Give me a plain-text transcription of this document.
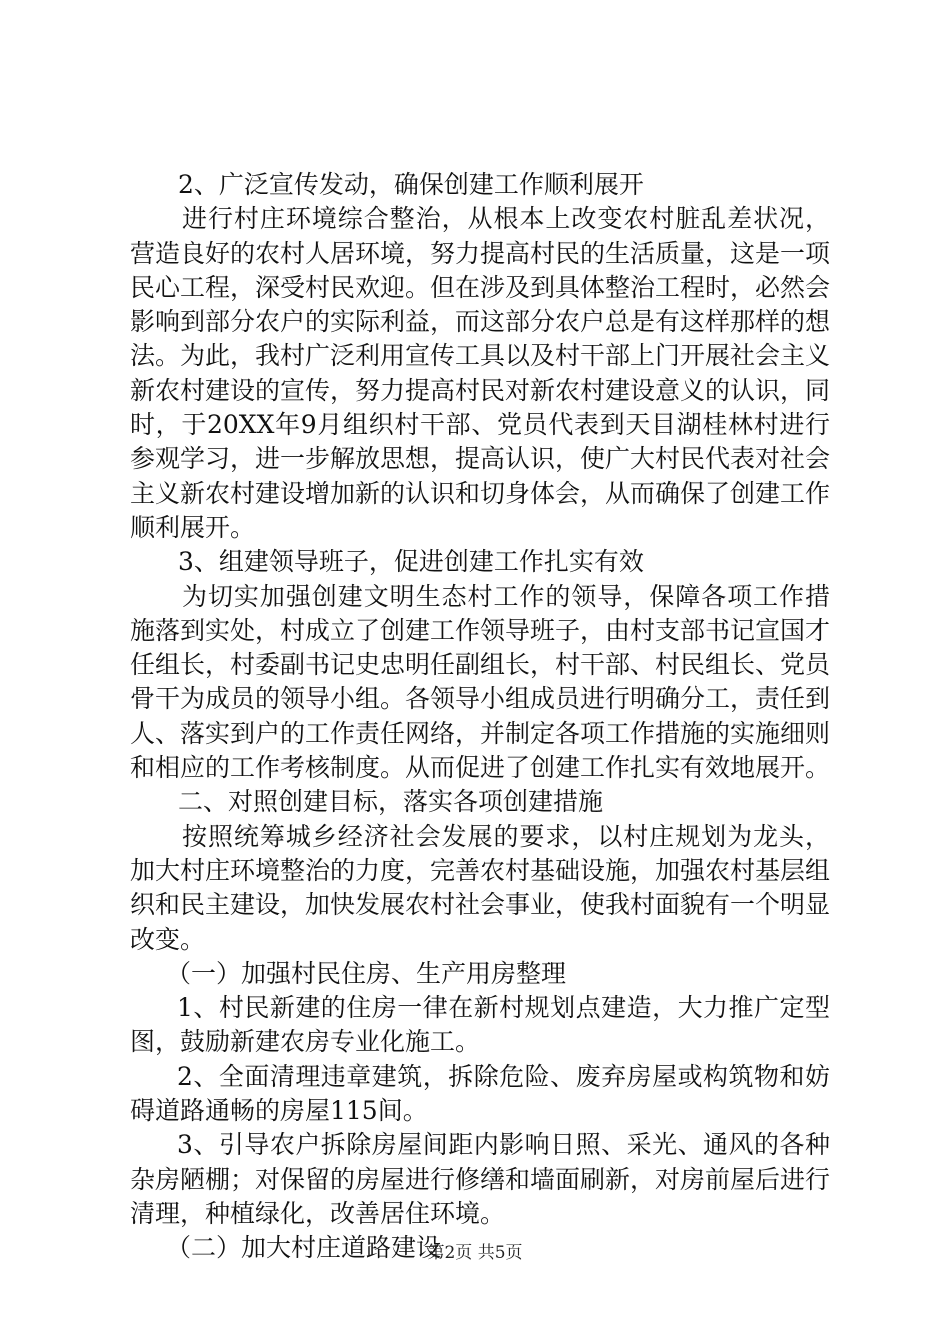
2、广泛宣传发动，确保创建工作顺利展开

进行村庄环境综合整治，从根本上改变农村脏乱差状况，营造良好的农村人居环境，努力提高村民的生活质量，这是一项民心工程，深受村民欢迎。但在涉及到具体整治工程时，必然会影响到部分农户的实际利益，而这部分农户总是有这样那样的想法。为此，我村广泛利用宣传工具以及村干部上门开展社会主义新农村建设的宣传，努力提高村民对新农村建设意义的认识，同时，于20XX年9月组织村干部、党员代表到天目湖桂林村进行参观学习，进一步解放思想，提高认识，使广大村民代表对社会主义新农村建设增加新的认识和切身体会，从而确保了创建工作顺利展开。

3、组建领导班子，促进创建工作扎实有效

为切实加强创建文明生态村工作的领导，保障各项工作措施落到实处，村成立了创建工作领导班子，由村支部书记宣国才任组长，村委副书记史忠明任副组长，村干部、村民组长、党员骨干为成员的领导小组。各领导小组成员进行明确分工，责任到人、落实到户的工作责任网络，并制定各项工作措施的实施细则和相应的工作考核制度。从而促进了创建工作扎实有效地展开。

二、对照创建目标，落实各项创建措施

按照统筹城乡经济社会发展的要求，以村庄规划为龙头，加大村庄环境整治的力度，完善农村基础设施，加强农村基层组织和民主建设，加快发展农村社会事业，使我村面貌有一个明显改变。

（一）加强村民住房、生产用房整理

1、村民新建的住房一律在新村规划点建造，大力推广定型图，鼓励新建农房专业化施工。

2、全面清理违章建筑，拆除危险、废弃房屋或构筑物和妨碍道路通畅的房屋115间。

3、引导农户拆除房屋间距内影响日照、采光、通风的各种杂房陋棚；对保留的房屋进行修缮和墙面刷新，对房前屋后进行清理，种植绿化，改善居住环境。

（二）加大村庄道路建设

第2页 共5页
